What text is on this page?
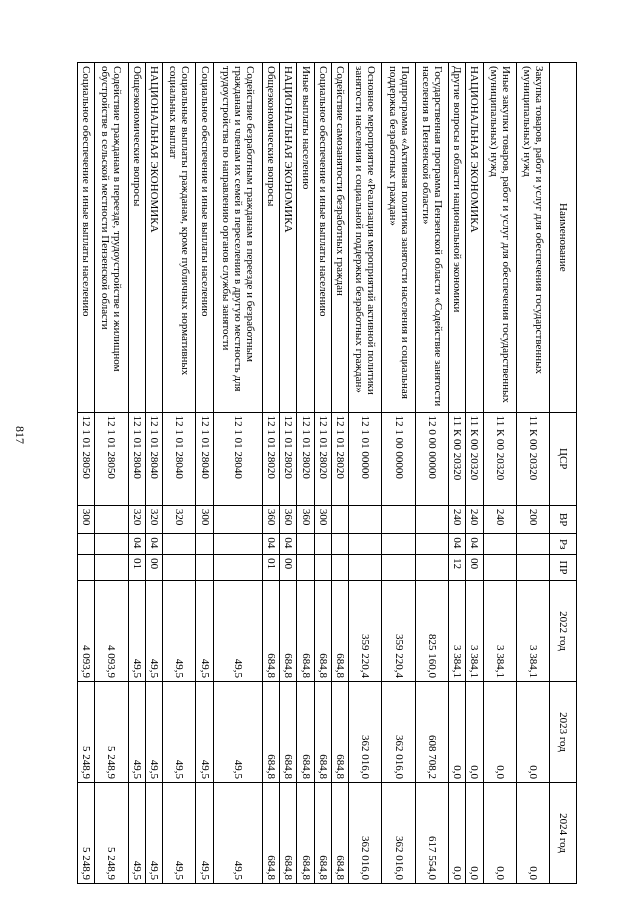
817
Наименование	ЦСР	ВР	Рз	ПР	2022 год	2023 год	2024 год
Закупка товаров, работ и услуг для обеспечения государственных (муниципальных) нужд	11 К 00 20320	200			3 384,1	0,0	0,0
Иные закупки товаров, работ и услуг для обеспечения государственных (муниципальных) нужд	11 К 00 20320	240			3 384,1	0,0	0,0
НАЦИОНАЛЬНАЯ ЭКОНОМИКА	11 К 00 20320	240	04	00	3 384,1	0,0	0,0
Другие вопросы в области национальной экономики	11 К 00 20320	240	04	12	3 384,1	0,0	0,0
Государственная программа Пензенской области «Содействие занятости населения в Пензенской области»	12 0 00 00000				825 160,0	608 708,2	617 554,0
Подпрограмма «Активная политика занятости населения и социальная поддержка безработных граждан»	12 1 00 00000				359 220,4	362 016,0	362 016,0
Основное мероприятие «Реализация мероприятий активной политики занятости населения и социальной поддержки безработных граждан»	12 1 01 00000				359 220,4	362 016,0	362 016,0
Содействие самозанятости безработных граждан	12 1 01 28020				684,8	684,8	684,8
Социальное обеспечение и иные выплаты населению	12 1 01 28020	300			684,8	684,8	684,8
Иные выплаты населению	12 1 01 28020	360			684,8	684,8	684,8
НАЦИОНАЛЬНАЯ ЭКОНОМИКА	12 1 01 28020	360	04	00	684,8	684,8	684,8
Общеэкономические вопросы	12 1 01 28020	360	04	01	684,8	684,8	684,8
Содействие безработным гражданам в переезде и безработным гражданам и членам их семей в переселении в другую местность для трудоустройства по направлению органов службы занятости	12 1 01 28040				49,5	49,5	49,5
Социальное обеспечение и иные выплаты населению	12 1 01 28040	300			49,5	49,5	49,5
Социальные выплаты гражданам, кроме публичных нормативных социальных выплат	12 1 01 28040	320			49,5	49,5	49,5
НАЦИОНАЛЬНАЯ ЭКОНОМИКА	12 1 01 28040	320	04	00	49,5	49,5	49,5
Общеэкономические вопросы	12 1 01 28040	320	04	01	49,5	49,5	49,5
Содействие гражданам в переезде, трудоустройстве и жилищном обустройстве в сельской местности Пензенской области	12 1 01 28050				4 093,9	5 248,9	5 248,9
Социальное обеспечение и иные выплаты населению	12 1 01 28050	300			4 093,9	5 248,9	5 248,9
